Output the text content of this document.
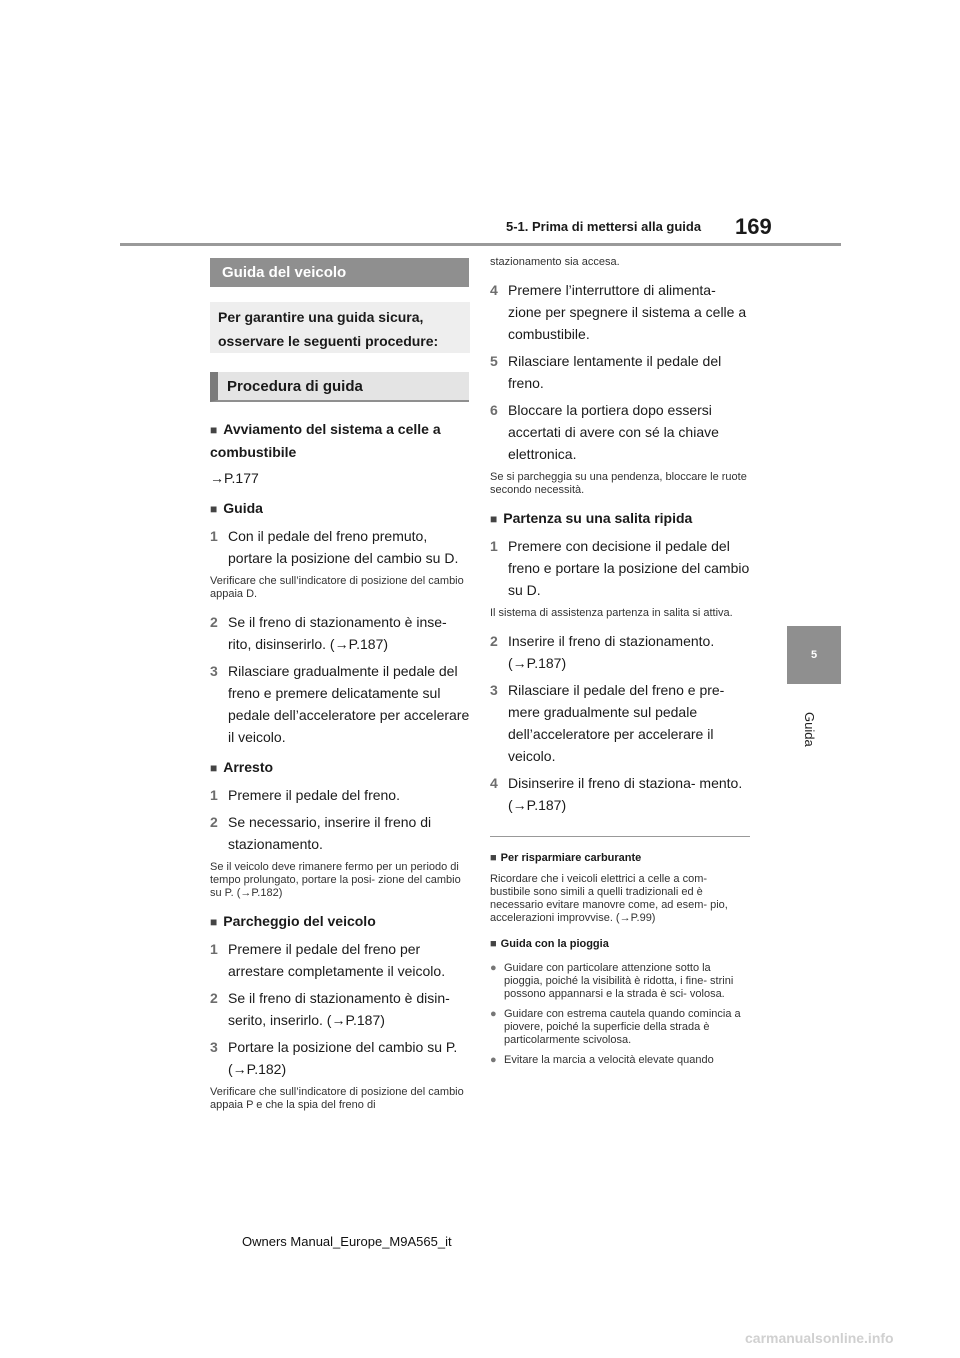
5-1. Prima di mettersi alla guida 169
5
Guida
Guida del veicolo
Per garantire una guida sicura, osservare le seguenti procedure:
Procedura di guida
■ Avviamento del sistema a celle a combustibile
→P.177
■ Guida
1 Con il pedale del freno premuto, portare la posizione del cambio su D.
Verificare che sull’indicatore di posizione del cambio appaia D.
2 Se il freno di stazionamento è inse- rito, disinserirlo. (→P.187)
3 Rilasciare gradualmente il pedale del freno e premere delicatamente sul pedale dell’acceleratore per accelerare il veicolo.
■ Arresto
1 Premere il pedale del freno.
2 Se necessario, inserire il freno di stazionamento.
Se il veicolo deve rimanere fermo per un periodo di tempo prolungato, portare la posi- zione del cambio su P. (→P.182)
■ Parcheggio del veicolo
1 Premere il pedale del freno per arrestare completamente il veicolo.
2 Se il freno di stazionamento è disin- serito, inserirlo. (→P.187)
3 Portare la posizione del cambio su P. (→P.182)
Verificare che sull’indicatore di posizione del cambio appaia P e che la spia del freno di
stazionamento sia accesa.
4 Premere l’interruttore di alimenta- zione per spegnere il sistema a celle a combustibile.
5 Rilasciare lentamente il pedale del freno.
6 Bloccare la portiera dopo essersi accertati di avere con sé la chiave elettronica.
Se si parcheggia su una pendenza, bloccare le ruote secondo necessità.
■ Partenza su una salita ripida
1 Premere con decisione il pedale del freno e portare la posizione del cambio su D.
Il sistema di assistenza partenza in salita si attiva.
2 Inserire il freno di stazionamento. (→P.187)
3 Rilasciare il pedale del freno e pre- mere gradualmente sul pedale dell’acceleratore per accelerare il veicolo.
4 Disinserire il freno di staziona- mento. (→P.187)
■ Per risparmiare carburante
Ricordare che i veicoli elettrici a celle a com- bustibile sono simili a quelli tradizionali ed è necessario evitare manovre come, ad esem- pio, accelerazioni improvvise. (→P.99)
■ Guida con la pioggia
● Guidare con particolare attenzione sotto la pioggia, poiché la visibilità è ridotta, i fine- strini possono appannarsi e la strada è sci- volosa.
● Guidare con estrema cautela quando comincia a piovere, poiché la superficie della strada è particolarmente scivolosa.
● Evitare la marcia a velocità elevate quando
Owners Manual_Europe_M9A565_it
carmanualsonline.info
